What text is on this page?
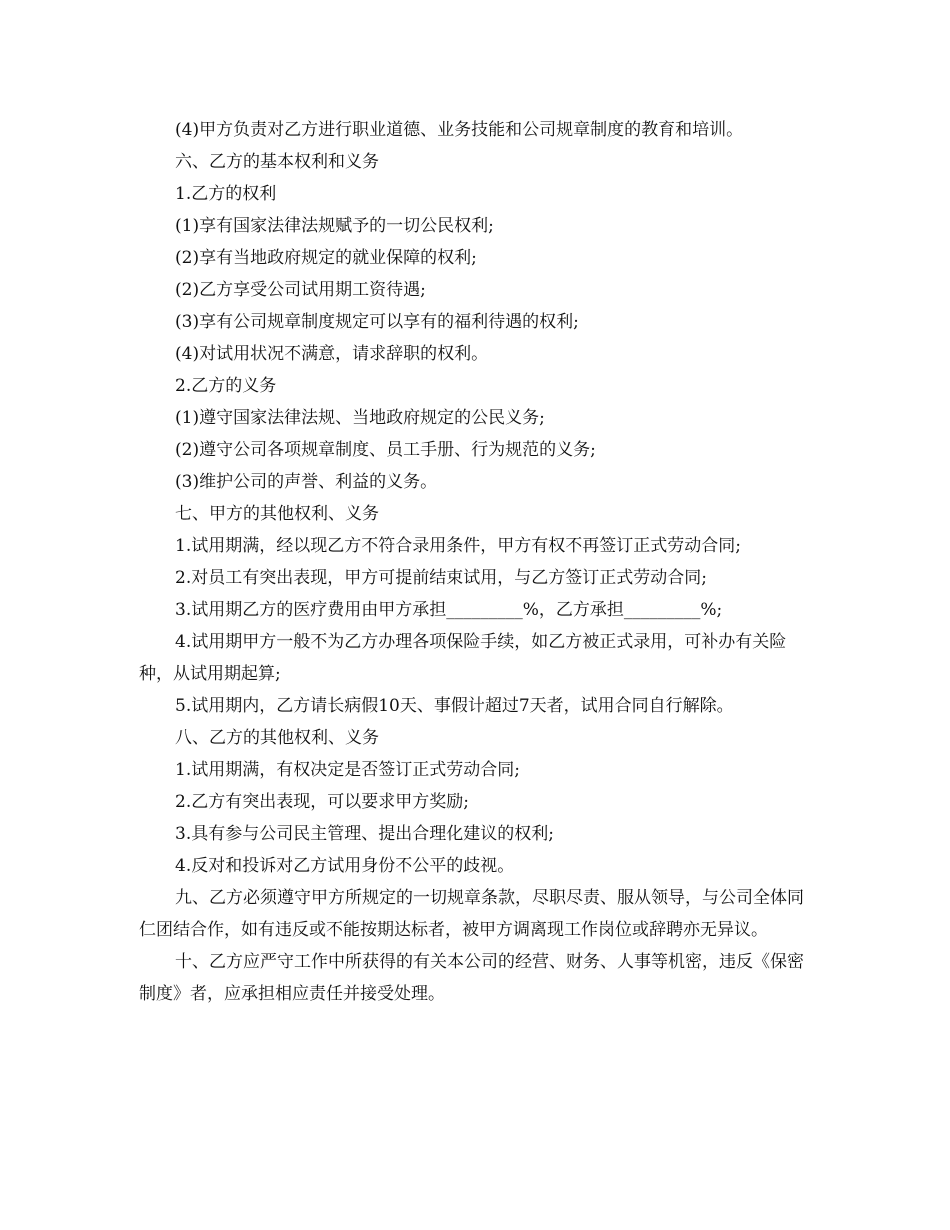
(4)甲方负责对乙方进行职业道德、业务技能和公司规章制度的教育和培训。

六、乙方的基本权利和义务

1.乙方的权利

(1)享有国家法律法规赋予的一切公民权利;

(2)享有当地政府规定的就业保障的权利;

(2)乙方享受公司试用期工资待遇;

(3)享有公司规章制度规定可以享有的福利待遇的权利;

(4)对试用状况不满意，请求辞职的权利。

2.乙方的义务

(1)遵守国家法律法规、当地政府规定的公民义务;

(2)遵守公司各项规章制度、员工手册、行为规范的义务;

(3)维护公司的声誉、利益的义务。

七、甲方的其他权利、义务

1.试用期满，经以现乙方不符合录用条件，甲方有权不再签订正式劳动合同;

2.对员工有突出表现，甲方可提前结束试用，与乙方签订正式劳动合同;

3.试用期乙方的医疗费用由甲方承担_________%，乙方承担_________%;

4.试用期甲方一般不为乙方办理各项保险手续，如乙方被正式录用，可补办有关险种，从试用期起算;

5.试用期内，乙方请长病假10天、事假计超过7天者，试用合同自行解除。

八、乙方的其他权利、义务

1.试用期满，有权决定是否签订正式劳动合同;

2.乙方有突出表现，可以要求甲方奖励;

3.具有参与公司民主管理、提出合理化建议的权利;

4.反对和投诉对乙方试用身份不公平的歧视。

九、乙方必须遵守甲方所规定的一切规章条款，尽职尽责、服从领导，与公司全体同仁团结合作，如有违反或不能按期达标者，被甲方调离现工作岗位或辞聘亦无异议。

十、乙方应严守工作中所获得的有关本公司的经营、财务、人事等机密，违反《保密制度》者，应承担相应责任并接受处理。
